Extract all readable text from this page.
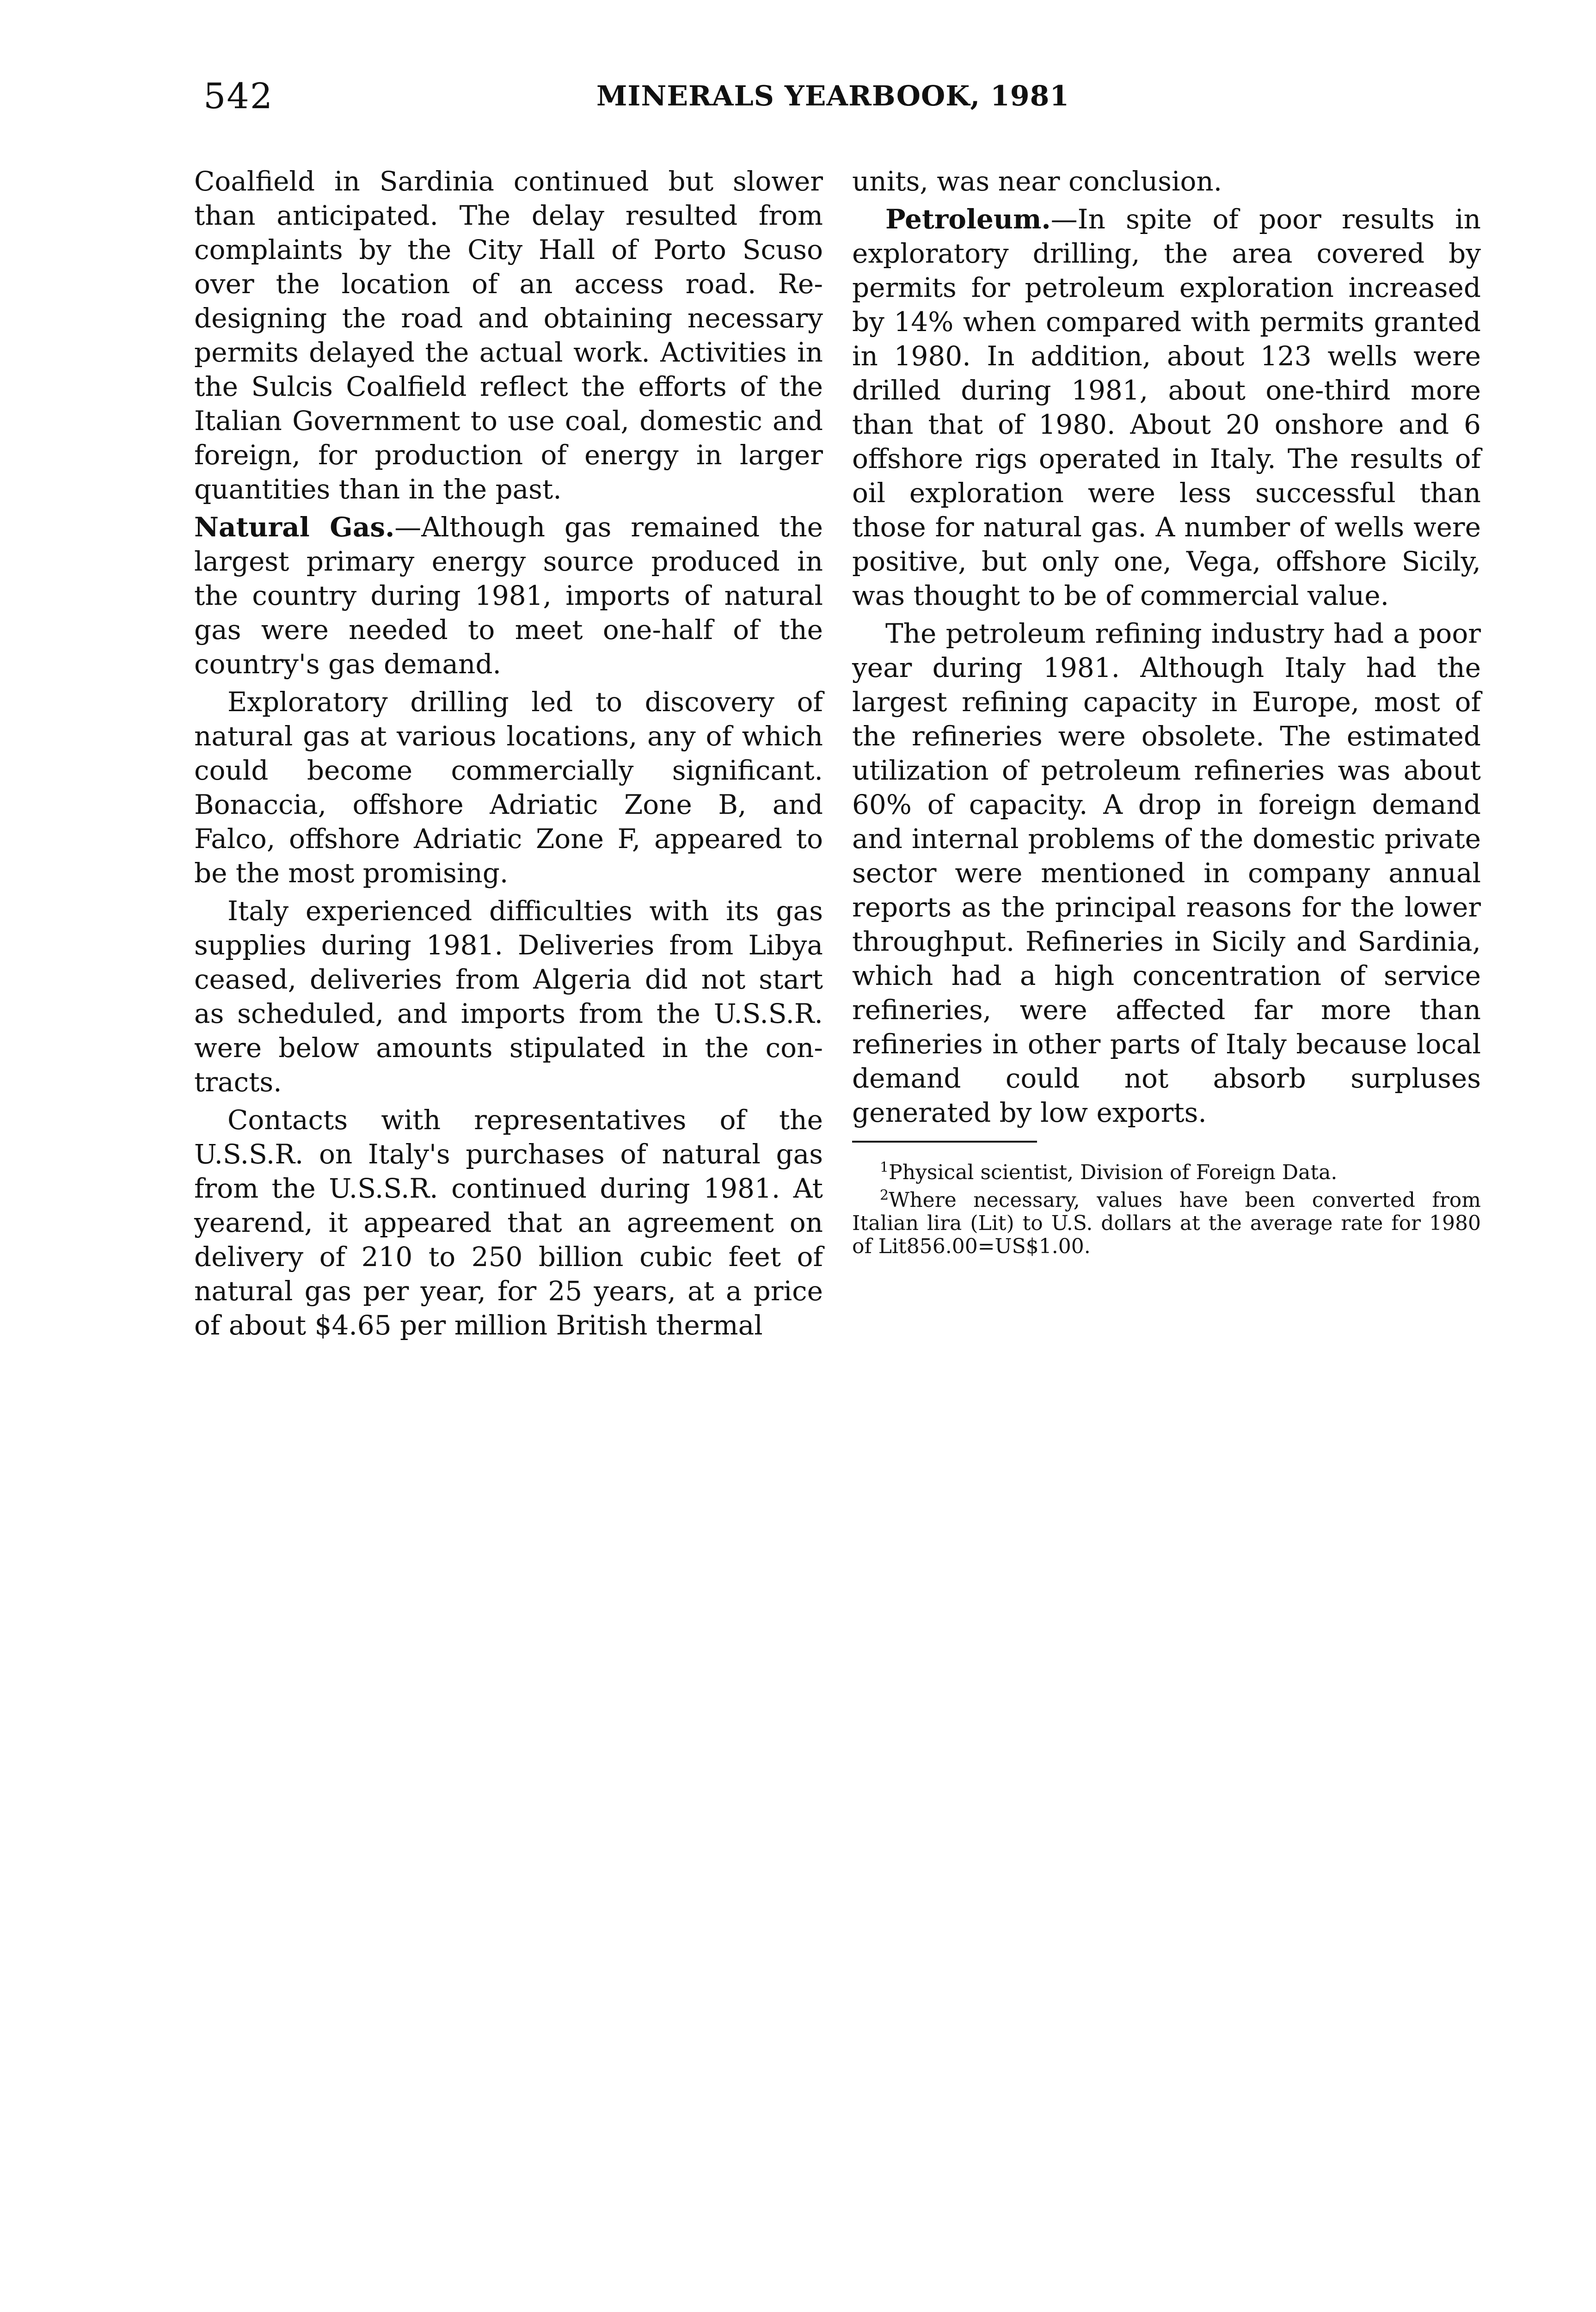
542	MINERALS YEARBOOK, 1981

Coalfield in Sardinia continued but slower than anticipated. The delay resulted from complaints by the City Hall of Porto Scuso over the location of an access road. Redesigning the road and obtaining necessary permits delayed the actual work. Activities in the Sulcis Coalfield reflect the efforts of the Italian Government to use coal, domestic and foreign, for production of energy in larger quantities than in the past.

Natural Gas.—Although gas remained the largest primary energy source produced in the country during 1981, imports of natural gas were needed to meet one-half of the country's gas demand.

Exploratory drilling led to discovery of natural gas at various locations, any of which could become commercially significant. Bonaccia, offshore Adriatic Zone B, and Falco, offshore Adriatic Zone F, appeared to be the most promising.

Italy experienced difficulties with its gas supplies during 1981. Deliveries from Libya ceased, deliveries from Algeria did not start as scheduled, and imports from the U.S.S.R. were below amounts stipulated in the contracts.

Contacts with representatives of the U.S.S.R. on Italy's purchases of natural gas from the U.S.S.R. continued during 1981. At yearend, it appeared that an agreement on delivery of 210 to 250 billion cubic feet of natural gas per year, for 25 years, at a price of about $4.65 per million British thermal

units, was near conclusion.

Petroleum.—In spite of poor results in exploratory drilling, the area covered by permits for petroleum exploration increased by 14% when compared with permits granted in 1980. In addition, about 123 wells were drilled during 1981, about one-third more than that of 1980. About 20 onshore and 6 offshore rigs operated in Italy. The results of oil exploration were less successful than those for natural gas. A number of wells were positive, but only one, Vega, offshore Sicily, was thought to be of commercial value.

The petroleum refining industry had a poor year during 1981. Although Italy had the largest refining capacity in Europe, most of the refineries were obsolete. The estimated utilization of petroleum refineries was about 60% of capacity. A drop in foreign demand and internal problems of the domestic private sector were mentioned in company annual reports as the principal reasons for the lower throughput. Refineries in Sicily and Sardinia, which had a high concentration of service refineries, were affected far more than refineries in other parts of Italy because local demand could not absorb surpluses generated by low exports.

$^1$Physical scientist, Division of Foreign Data.
$^2$Where necessary, values have been converted from Italian lira (Lit) to U.S. dollars at the average rate for 1980 of Lit856.00=US$1.00.
